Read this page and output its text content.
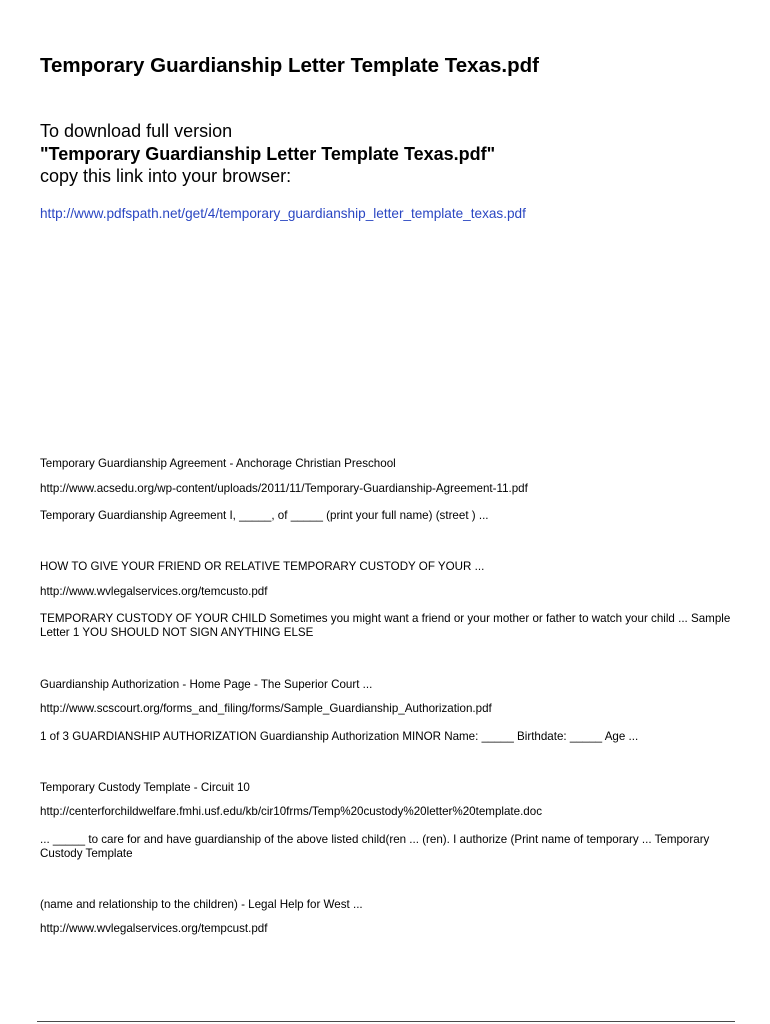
Temporary Guardianship Letter Template Texas.pdf
To download full version
"Temporary Guardianship Letter Template Texas.pdf"
copy this link into your browser:
http://www.pdfspath.net/get/4/temporary_guardianship_letter_template_texas.pdf
Temporary Guardianship Agreement - Anchorage Christian Preschool
http://www.acsedu.org/wp-content/uploads/2011/11/Temporary-Guardianship-Agreement-11.pdf
Temporary Guardianship Agreement I, _____, of _____ (print your full name) (street ) ...
HOW TO GIVE YOUR FRIEND OR RELATIVE TEMPORARY CUSTODY OF YOUR ...
http://www.wvlegalservices.org/temcusto.pdf
TEMPORARY CUSTODY OF YOUR CHILD Sometimes you might want a friend or your mother or father to watch your child ... Sample
Letter 1 YOU SHOULD NOT SIGN ANYTHING ELSE
Guardianship Authorization - Home Page - The Superior Court ...
http://www.scscourt.org/forms_and_filing/forms/Sample_Guardianship_Authorization.pdf
1 of 3 GUARDIANSHIP AUTHORIZATION Guardianship Authorization MINOR Name: _____ Birthdate: _____ Age ...
Temporary Custody Template - Circuit 10
http://centerforchildwelfare.fmhi.usf.edu/kb/cir10frms/Temp%20custody%20letter%20template.doc
... _____ to care for and have guardianship of the above listed child(ren ... (ren). I authorize (Print name of temporary ... Temporary
Custody Template
(name and relationship to the children) - Legal Help for West ...
http://www.wvlegalservices.org/tempcust.pdf
